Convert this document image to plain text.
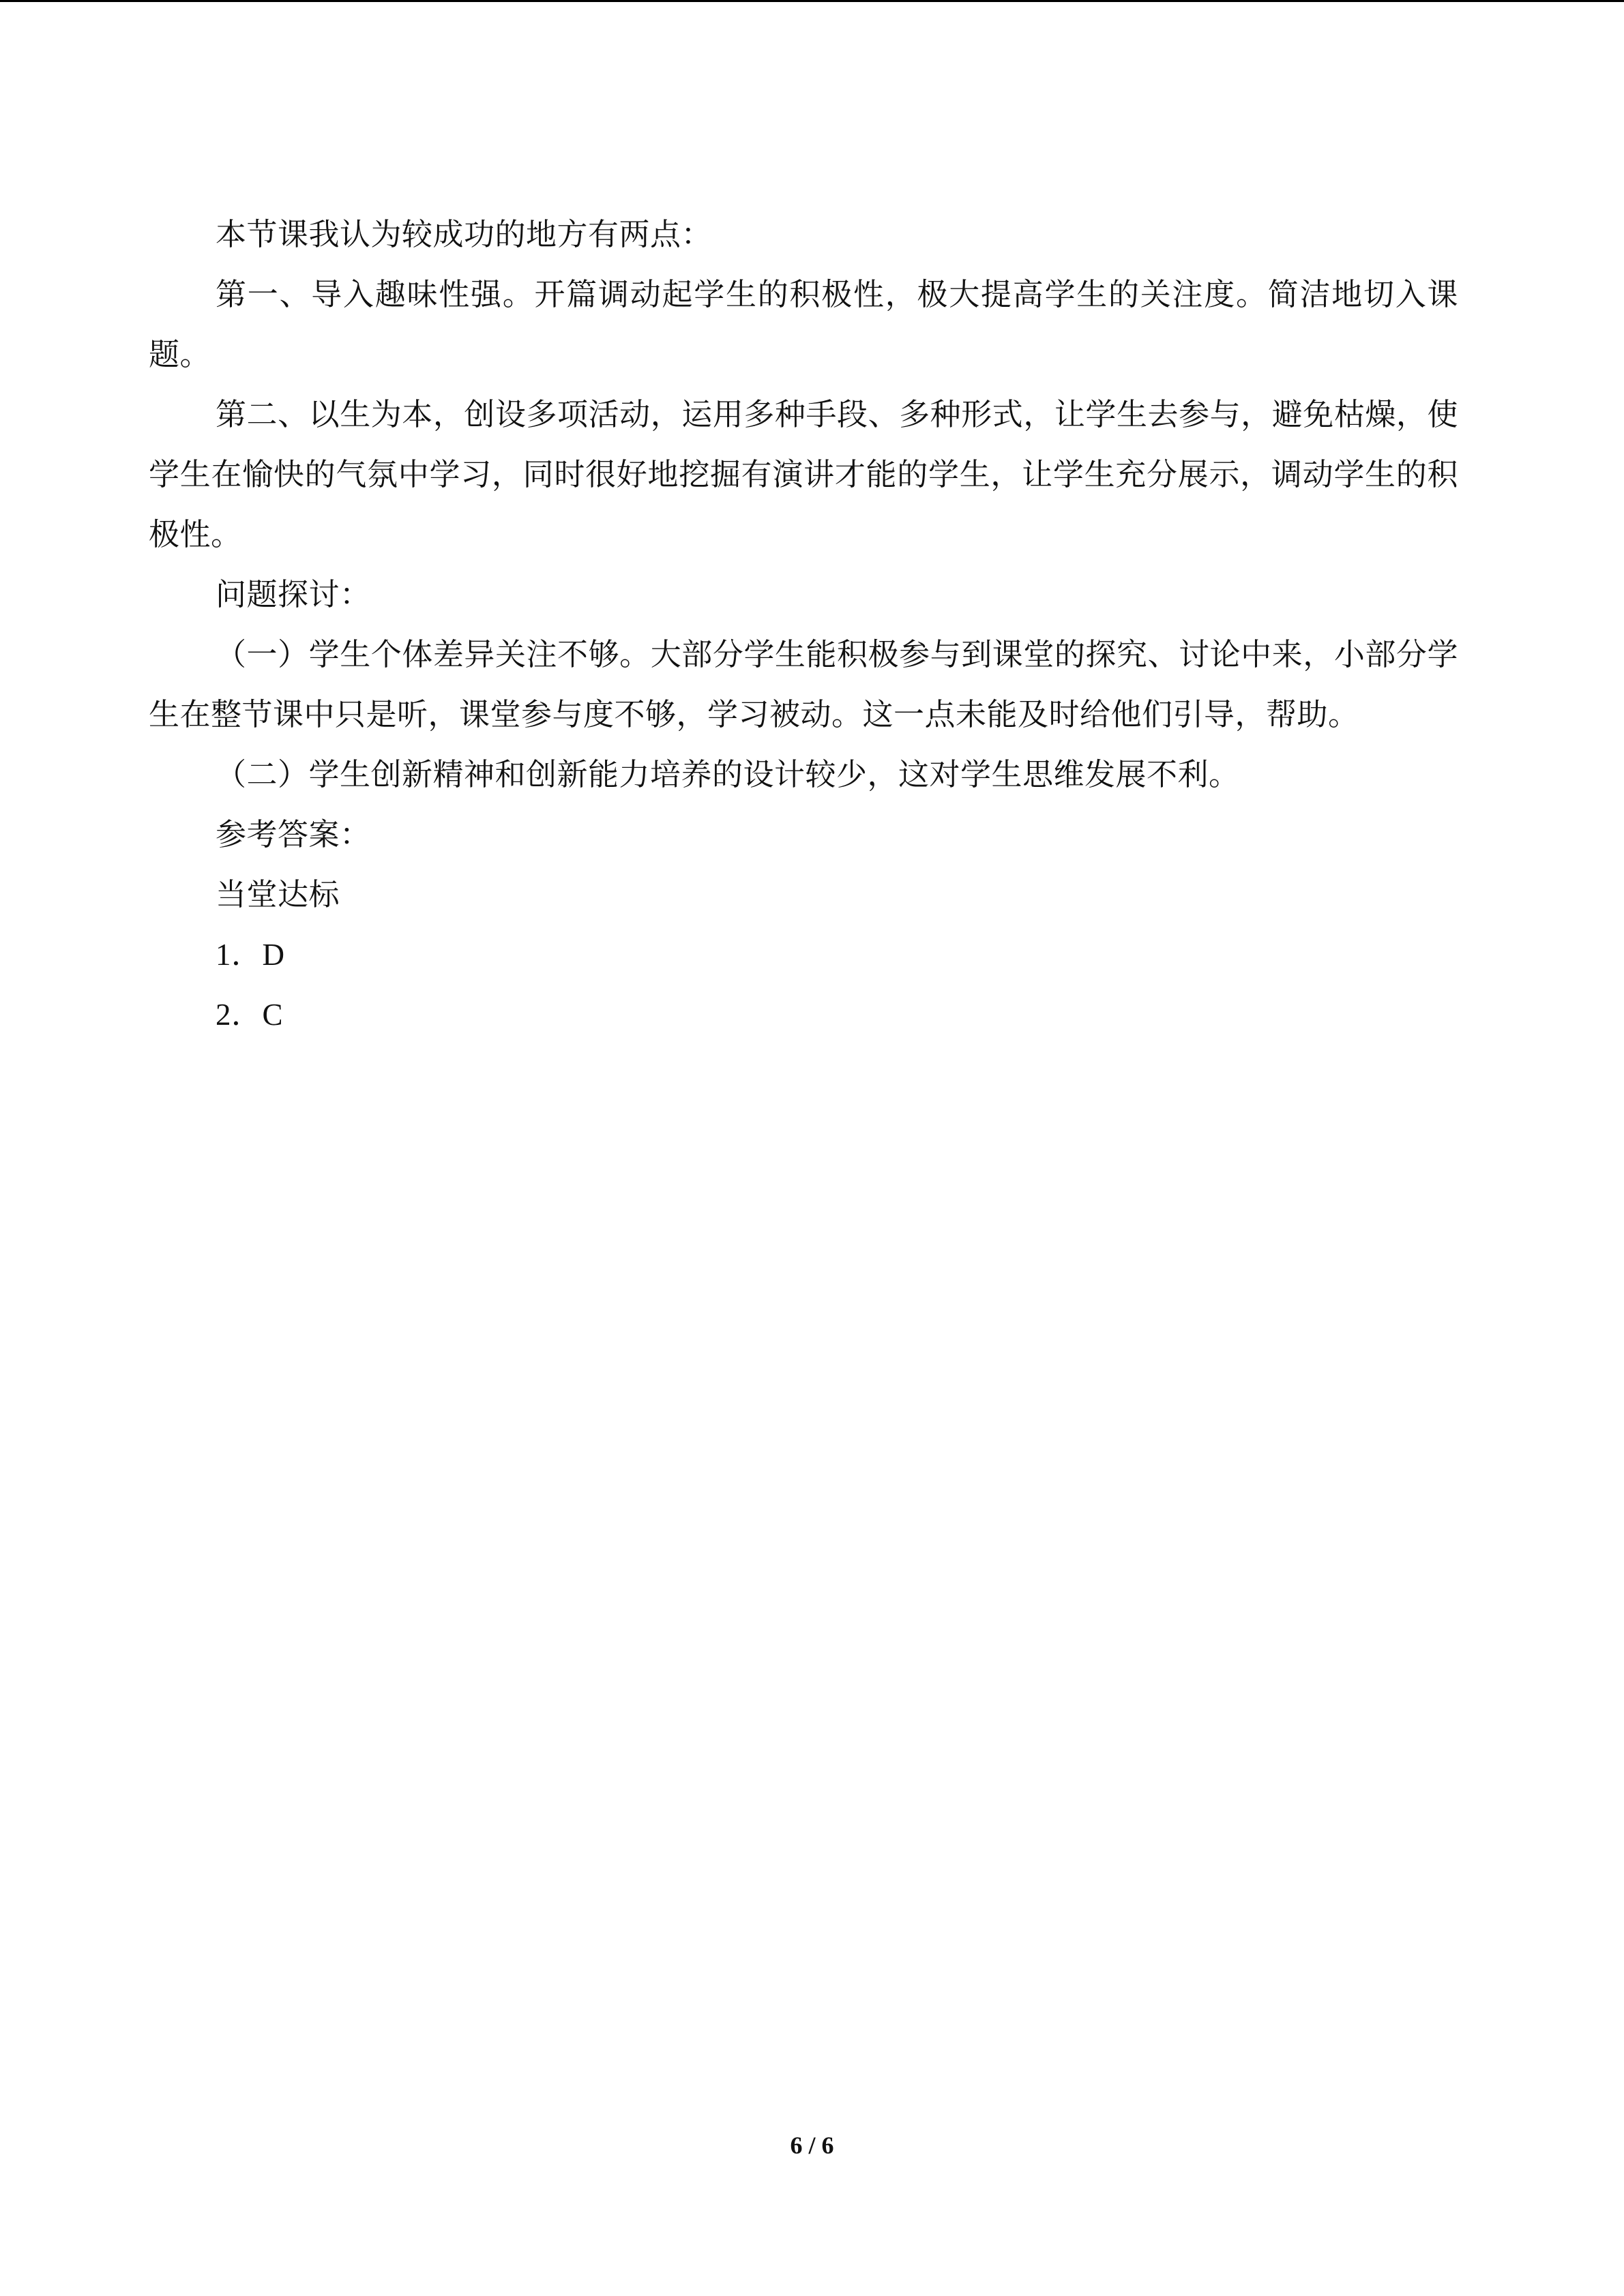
本节课我认为较成功的地方有两点：

第一、导入趣味性强。开篇调动起学生的积极性，极大提高学生的关注度。简洁地切入课题。

第二、以生为本，创设多项活动，运用多种手段、多种形式，让学生去参与，避免枯燥，使学生在愉快的气氛中学习，同时很好地挖掘有演讲才能的学生，让学生充分展示，调动学生的积极性。

问题探讨：

（一）学生个体差异关注不够。大部分学生能积极参与到课堂的探究、讨论中来，小部分学生在整节课中只是听，课堂参与度不够，学习被动。这一点未能及时给他们引导，帮助。

（二）学生创新精神和创新能力培养的设计较少，这对学生思维发展不利。

参考答案：

当堂达标

1．D

2．C

6 / 6
